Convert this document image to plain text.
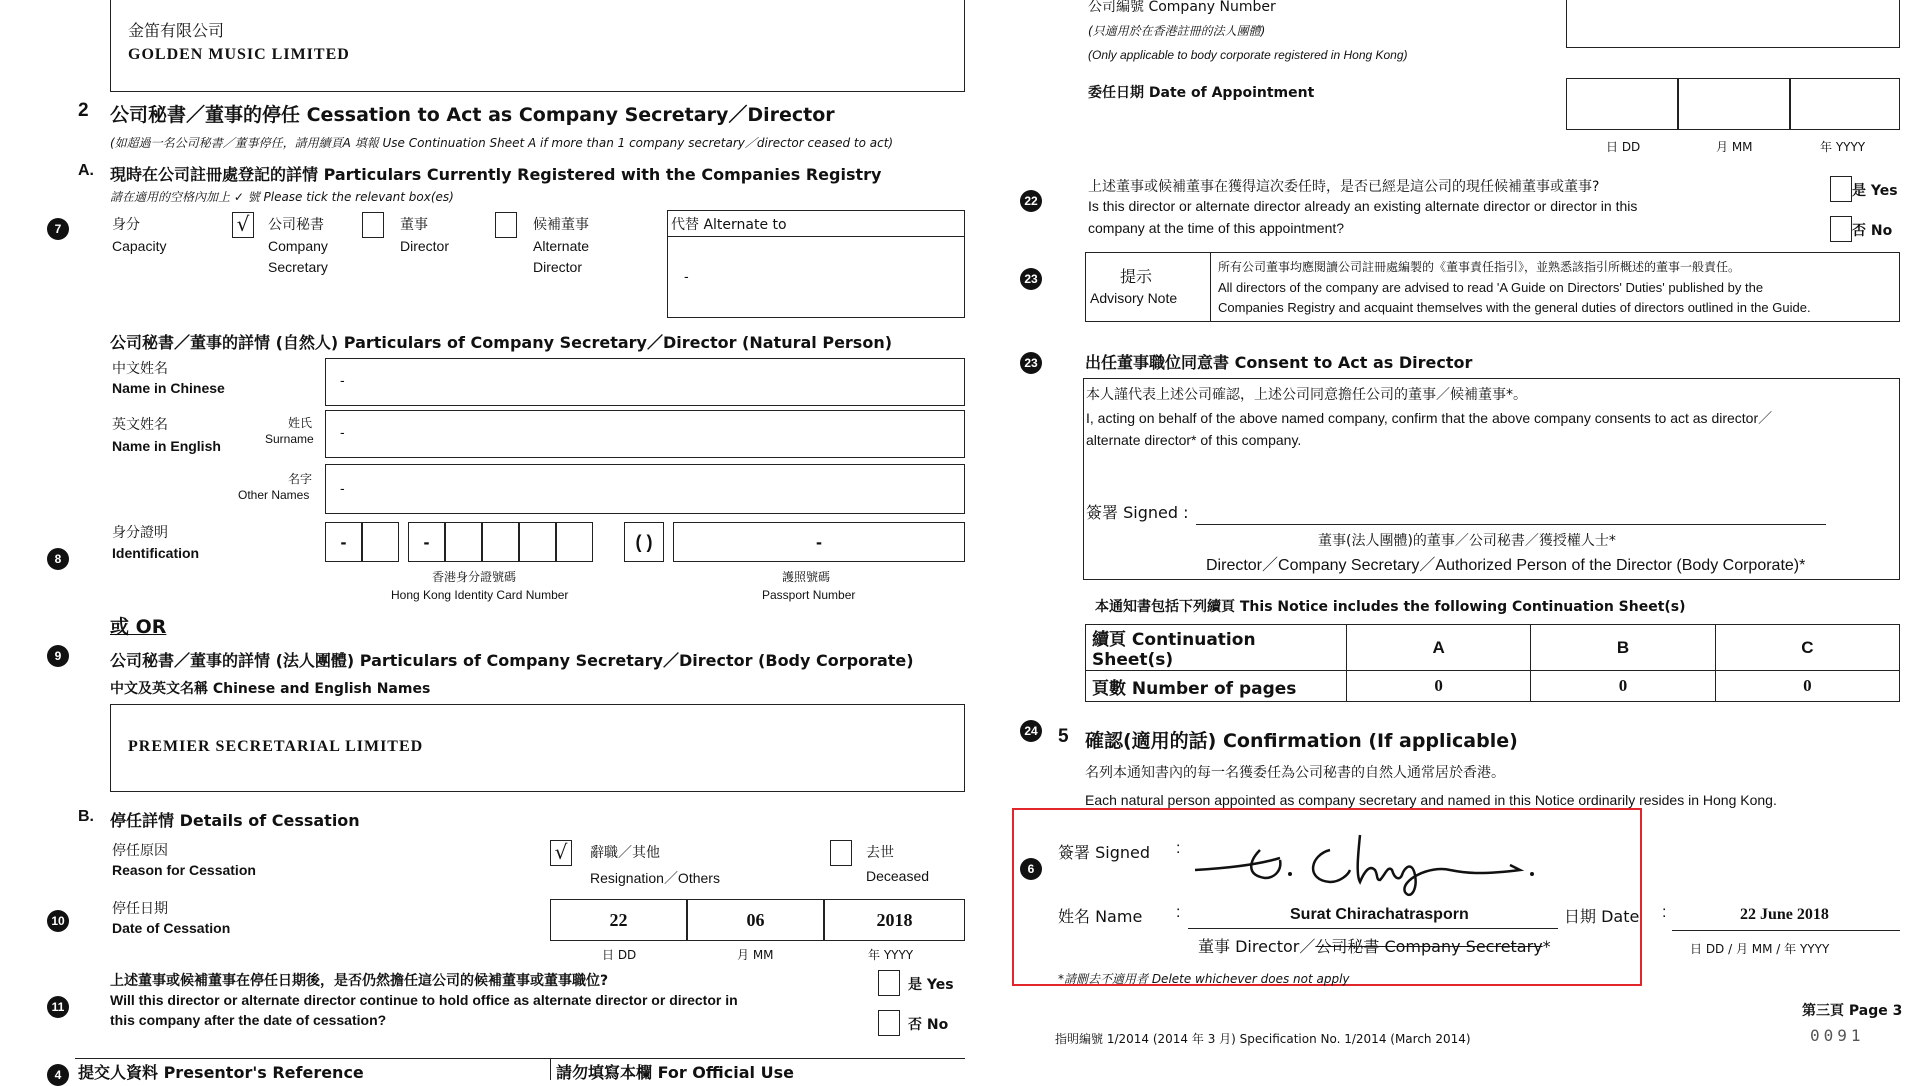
金笛有限公司
GOLDEN MUSIC LIMITED
2 公司秘書／董事的停任 Cessation to Act as Company Secretary／Director
(如超過一名公司秘書／董事停任，請用續頁A 填報 Use Continuation Sheet A if more than 1 company secretary／director ceased to act)
A. 現時在公司註冊處登記的詳情 Particulars Currently Registered with the Companies Registry
請在適用的空格內加上 ✓ 號 Please tick the relevant box(es)
7	身分
Capacity
√	公司秘書
Company
Secretary
董事
Director
候補董事
Alternate
Director
代替 Alternate to
-
公司秘書／董事的詳情 (自然人) Particulars of Company Secretary／Director (Natural Person)
中文姓名
Name in Chinese	-
英文姓名
Name in English
姓氏
Surname -
名字
Other Names -
8
身分證明
Identification
-	-	( )	-
香港身分證號碼
Hong Kong Identity Card Number
護照號碼
Passport Number
或 OR
9	公司秘書／董事的詳情 (法人團體) Particulars of Company Secretary／Director (Body Corporate)
中文及英文名稱 Chinese and English Names
PREMIER SECRETARIAL LIMITED
B. 停任詳情 Details of Cessation
停任原因
Reason for Cessation
√	辭職／其他
Resignation／Others
去世
Deceased
10
停任日期
Date of Cessation	22	06	2018
日 DD	月 MM	年 YYYY
11
上述董事或候補董事在停任日期後，是否仍然擔任這公司的候補董事或董事職位?
Will this director or alternate director continue to hold office as alternate director or director in
this company after the date of cessation?
是 Yes
否 No
4	提交人資料 Presentor's Reference	請勿填寫本欄 For Official Use
公司編號 Company Number
(只適用於在香港註冊的法人團體)
(Only applicable to body corporate registered in Hong Kong)
委任日期 Date of Appointment
日 DD	月 MM	年 YYYY
22
上述董事或候補董事在獲得這次委任時，是否已經是這公司的現任候補董事或董事?
Is this director or alternate director already an existing alternate director or director in this
company at the time of this appointment?
是 Yes
否 No
23	提示
Advisory Note
所有公司董事均應閱讀公司註冊處編製的《董事責任指引》，並熟悉該指引所概述的董事一般責任。
All directors of the company are advised to read 'A Guide on Directors' Duties' published by the
Companies Registry and acquaint themselves with the general duties of directors outlined in the Guide.
23	出任董事職位同意書 Consent to Act as Director
本人謹代表上述公司確認，上述公司同意擔任公司的董事／候補董事*。
I, acting on behalf of the above named company, confirm that the above company consents to act as director／
alternate director* of this company.
簽署 Signed :
董事(法人團體)的董事／公司秘書／獲授權人士*
Director／Company Secretary／Authorized Person of the Director (Body Corporate)*
本通知書包括下列續頁 This Notice includes the following Continuation Sheet(s)
續頁 Continuation Sheet(s)	A	B	C
頁數 Number of pages	0	0	0
24 5 確認(適用的話) Confirmation (If applicable)
名列本通知書內的每一名獲委任為公司秘書的自然人通常居於香港。
Each natural person appointed as company secretary and named in this Notice ordinarily resides in Hong Kong.
6
簽署 Signed :
姓名 Name :	Surat Chirachatrasporn
董事 Director／公司秘書 Company Secretary*
*請刪去不適用者 Delete whichever does not apply
日期 Date :	22 June 2018
日 DD / 月 MM / 年 YYYY
指明編號 1/2014 (2014 年 3 月) Specification No. 1/2014 (March 2014)
第三頁 Page 3
0091
